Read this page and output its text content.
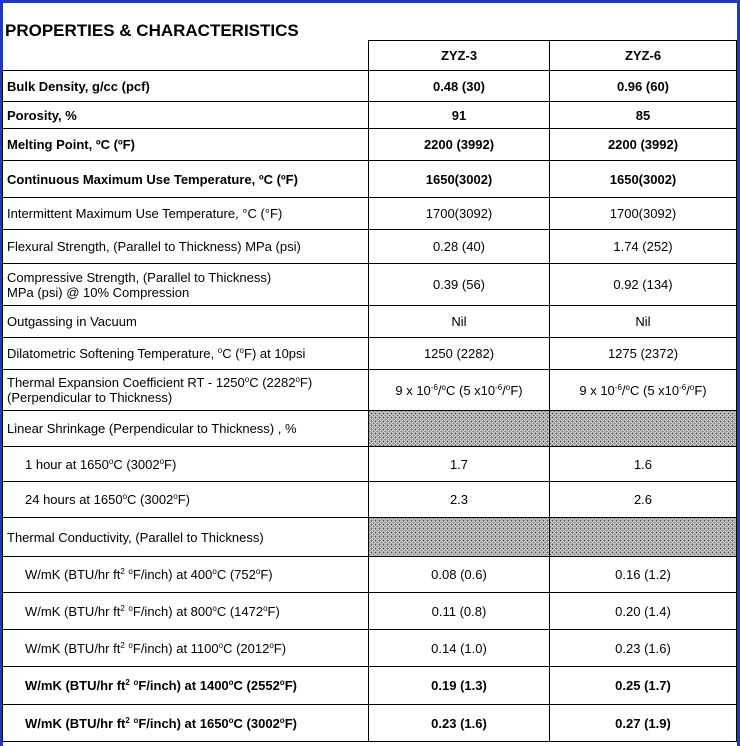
PROPERTIES & CHARACTERISTICS
	ZYZ-3	ZYZ-6
Bulk Density, g/cc (pcf)	0.48 (30)	0.96 (60)
Porosity, %	91	85
Melting Point, ºC (ºF)	2200 (3992)	2200 (3992)
Continuous Maximum Use Temperature, ºC (ºF)	1650(3002)	1650(3002)
Intermittent Maximum Use Temperature, °C (°F)	1700(3092)	1700(3092)
Flexural Strength, (Parallel to Thickness) MPa (psi)	0.28 (40)	1.74 (252)

Compressive Strength, (Parallel to Thickness)
MPa (psi) @ 10% Compression	0.39 (56)	0.92 (134)
Outgassing in Vacuum	Nil	Nil
Dilatometric Softening Temperature, $^o$C ($^o$F) at 10psi	1250 (2282)	1275 (2372)

Thermal Expansion Coefficient RT - 1250$^o$C (2282$^o$F)
(Perpendicular to Thickness)	9 x $10^{-6}/^oC$ (5 $x10^{-6}/^oF$)	9 x $10^{-6}/^oC$ (5 $x10^{-6}/^oF$)
Linear Shrinkage (Perpendicular to Thickness) , %		
1 hour at 1650$^o$C (3002$^o$F)	1.7	1.6
24 hours at 1650$^o$C (3002$^o$F)	2.3	2.6
Thermal Conductivity, (Parallel to Thickness)		
W/mK (BTU/hr $ft^2$ $^o$F/inch) at 400$^o$C (752$^o$F)	0.08 (0.6)	0.16 (1.2)
W/mK (BTU/hr $ft^2$ $^o$F/inch) at 800$^o$C (1472$^o$F)	0.11 (0.8)	0.20 (1.4)
W/mK (BTU/hr $ft^2$ $^o$F/inch) at 1100$^o$C (2012$^o$F)	0.14 (1.0)	0.23 (1.6)
W/mK (BTU/hr $ft^2$ $^o$F/inch) at 1400$^o$C (2552$^o$F)	0.19 (1.3)	0.25 (1.7)
W/mK (BTU/hr $ft^2$ $^o$F/inch) at 1650$^o$C (3002$^o$F)	0.23 (1.6)	0.27 (1.9)
